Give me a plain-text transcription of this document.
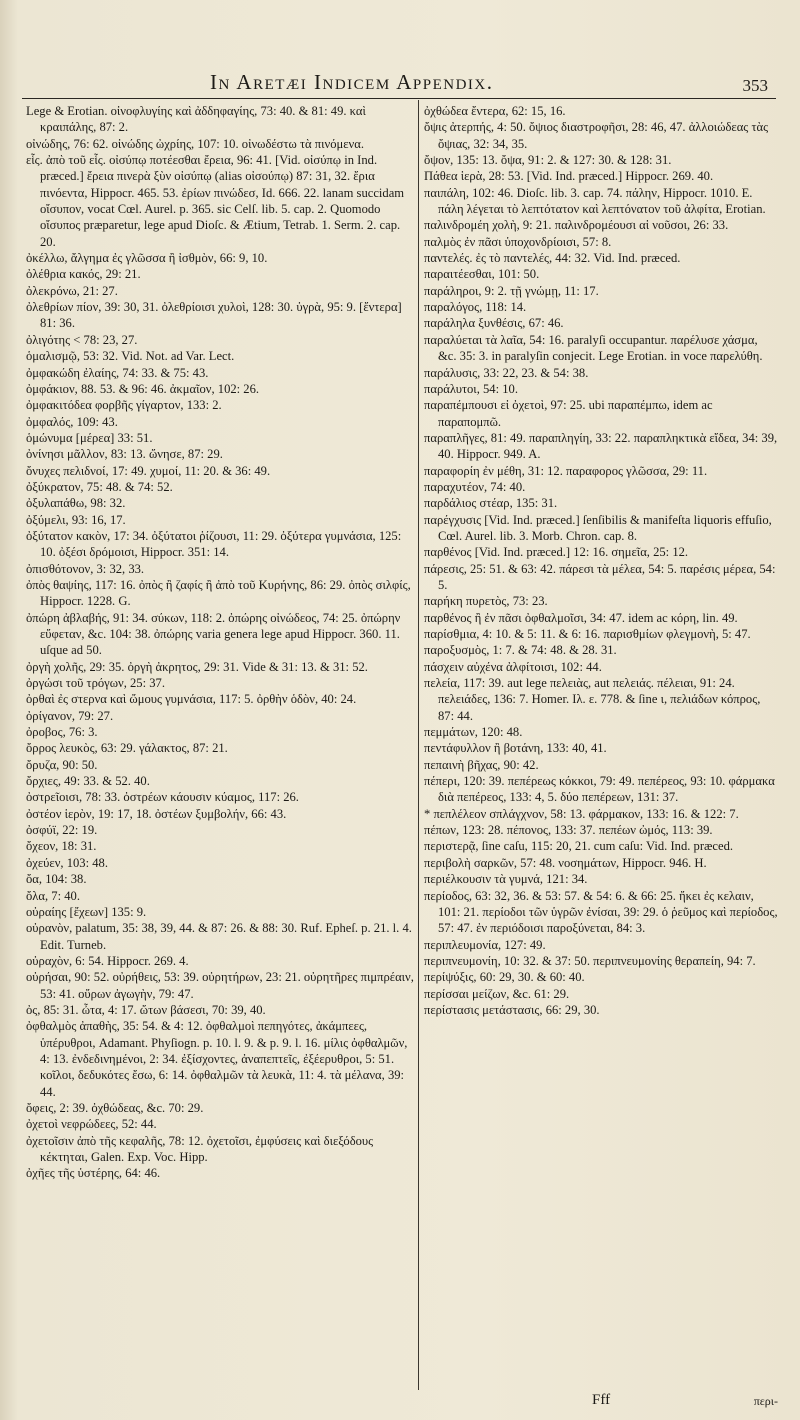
In Aretæi Indicem Appendix.	353

Lege & Erotian. οἰνοφλυγίης καὶ ἀδδηφαγίης, 73: 40. & 81: 49. καὶ κραιπάλης, 87: 2.

οἰνώδης, 76: 62. οἰνώδης ὠχρίης, 107: 10. οἰνωδέστω τὰ πινόμενα.

εἷς. ἀπὸ τοῦ εἷς. οἰσύπῳ ποτέεσθαι ἔρεια, 96: 41. [Vid. οἰσύπῳ in Ind. præced.] ἔρεια πινερὰ ξὺν οἰσύπῳ (alias οἰσούπῳ) 87: 31, 32. ἔρια πινόεντα, Hippocr. 465. 53. ἐρίων πινώδεσ, Id. 666. 22. lanam succidam οἴσυπον, vocat Cœl. Aurel. p. 365. sic Celſ. lib. 5. cap. 2. Quomodo οἴσυπος præparetur, lege apud Dioſc. & Ætium, Tetrab. 1. Serm. 2. cap. 20.

ὀκέλλω, ἄλγημα ἐς γλῶσσα ἢ ἰσθμὸν, 66: 9, 10.

ὀλέθρια κακός, 29: 21.

ὀλεκρόνω, 21: 27.

ὀλεθρίων πίον, 39: 30, 31. ὀλεθρίοισι χυλοὶ, 128: 30. ὑγρὰ, 95: 9. [ἔντερα] 81: 36.

ὀλιγότης < 78: 23, 27.

ὁμαλισμῷ, 53: 32. Vid. Not. ad Var. Lect.

ὀμφακώδη ἐλαίης, 74: 33. & 75: 43.

ὀμφάκιον, 88. 53. & 96: 46. ἀκμαῖον, 102: 26.

ὀμφακιτόδεα φορβῆς γίγαρτον, 133: 2.

ὀμφαλός, 109: 43.

ὁμώνυμα [μέρεα] 33: 51.

ὀνίνησι μᾶλλον, 83: 13. ὤνησε, 87: 29.

ὄνυχες πελιδνοί, 17: 49. χυμοί, 11: 20. & 36: 49.

ὀξύκρατον, 75: 48. & 74: 52.

ὀξυλαπάθω, 98: 32.

ὀξύμελι, 93: 16, 17.

ὀξύτατον κακὸν, 17: 34. ὀξύτατοι ῥίζουσι, 11: 29. ὀξύτερα γυμνάσια, 125: 10. ὀξέσι δρόμοισι, Hippocr. 351: 14.

ὀπισθότονον, 3: 32, 33.

ὀπὸς θαψίης, 117: 16. ὀπὸς ἢ ζαφίς ἢ ἀπὸ τοῦ Κυρήνης, 86: 29. ὀπὸς σιλφίς, Hippocr. 1228. G.

ὀπώρη ἀβλαβής, 91: 34. σύκων, 118: 2. ὀπώρης οἰνώδεος, 74: 25. ὀπώρην εὔφεταν, &c. 104: 38. ὀπώρης varia genera lege apud Hippocr. 360. 11. uſque ad 50.

ὀργὴ χολῆς, 29: 35. ὀργὴ ἀκρητος, 29: 31. Vide & 31: 13. & 31: 52.

ὀργώσι τοῦ τρόγων, 25: 37.

ὀρθαὶ ἐς στερνα καὶ ὤμους γυμνάσια, 117: 5. ὀρθὴν ὁδὸν, 40: 24.

ὀρίγανον, 79: 27.

ὀροβος, 76: 3.

ὄρρος λευκὸς, 63: 29. γάλακτος, 87: 21.

ὄρυζα, 90: 50.

ὄρχιες, 49: 33. & 52. 40.

ὀστρεῖοισι, 78: 33. ὀστρέων κάουσιν κύαμος, 117: 26.

ὀστέον ἱερὸν, 19: 17, 18. ὀστέων ξυμβολήν, 66: 43.

ὀσφύϊ, 22: 19.

ὄχεον, 18: 31.

ὀχεύεν, 103: 48.

ὄα, 104: 38.

ὄλα, 7: 40.

οὐραίης [ἔχεων] 135: 9.

οὐρανὸν, palatum, 35: 38, 39, 44. & 87: 26. & 88: 30. Ruf. Epheſ. p. 21. l. 4. Edit. Turneb.

οὐραχὸν, 6: 54. Hippocr. 269. 4.

οὐρήσαι, 90: 52. οὐρήθεις, 53: 39. οὐρητήρων, 23: 21. οὐρητῆρες πιμπρέαιν, 53: 41. οὔρων ἀγωγὴν, 79: 47.

ὀς, 85: 31. ὦτα, 4: 17. ὤτων βάσεσι, 70: 39, 40.

ὀφθαλμὸς ἀπαθὴς, 35: 54. & 4: 12. ὀφθαλμοὶ πεπηγότες, ἀκάμπεες, ὑπέρυθροι, Adamant. Phyſiogn. p. 10. l. 9. & p. 9. l. 16. μίλις ὀφθαλμῶν, 4: 13. ἐνδεδινημένοι, 2: 34. ἐξίσχοντες, ἀναπεπτεῖς, ἐξέερυθροι, 5: 51. κοῖλοι, δεδυκότες ἔσω, 6: 14. ὀφθαλμῶν τὰ λευκὰ, 11: 4. τὰ μέλανα, 39: 44.

ὄφεις, 2: 39. ὀχθώδεας, &c. 70: 29.

ὀχετοὶ νεφρώδεες, 52: 44.

ὀχετοῖσιν ἀπὸ τῆς κεφαλῆς, 78: 12. ὀχετοῖσι, ἐμφύσεις καὶ διεξόδους κέκτηται, Galen. Exp. Voc. Hipp.

ὀχῆες τῆς ὑστέρης, 64: 46.

ὀχθώδεα ἔντερα, 62: 15, 16.

ὄψις ἀτερπής, 4: 50. ὄψιος διαστροφῆσι, 28: 46, 47. ἀλλοιώδεας τὰς ὄψιας, 32: 34, 35.

ὄψον, 135: 13. ὄψα, 91: 2. & 127: 30. & 128: 31.

Πάθεα ἱερὰ, 28: 53. [Vid. Ind. præced.] Hippocr. 269. 40.

παιπάλη, 102: 46. Dioſc. lib. 3. cap. 74. πάλην, Hippocr. 1010. E. πάλη λέγεται τὸ λεπτότατον καὶ λεπτόνατον τοῦ ἀλφίτα, Erotian.

παλινδρομέη χολὴ, 9: 21. παλινδρομέουσι αἱ νοῦσοι, 26: 33.

παλμὸς ἐν πᾶσι ὑποχονδρίοισι, 57: 8.

παντελές. ἐς τὸ παντελές, 44: 32. Vid. Ind. præced.

παραιτέεσθαι, 101: 50.

παράληροι, 9: 2. τῇ γνώμῃ, 11: 17.

παραλόγος, 118: 14.

παράληλα ξυνθέσις, 67: 46.

παραλύεται τὰ λαῖα, 54: 16. paralyſi occupantur. παρέλυσε χάσμα, &c. 35: 3. in paralyſin conjecit. Lege Erotian. in voce παρελύθη.

παράλυσις, 33: 22, 23. & 54: 38.

παράλυτοι, 54: 10.

παραπέμπουσι εἰ ὀχετοὶ, 97: 25. ubi παραπέμπω, idem ac παραπομπῶ.

παραπλῆγες, 81: 49. παραπληγίη, 33: 22. παραπληκτικὰ εἴδεα, 34: 39, 40. Hippocr. 949. A.

παραφορίη ἐν μέθη, 31: 12. παραφορος γλῶσσα, 29: 11.

παραχυτέον, 74: 40.

παρδάλιος στέαρ, 135: 31.

παρέγχυσις [Vid. Ind. præced.] ſenſibilis & manifeſta liquoris effuſio, Cœl. Aurel. lib. 3. Morb. Chron. cap. 8.

παρθένος [Vid. Ind. præced.] 12: 16. σημεῖα, 25: 12.

πάρεσις, 25: 51. & 63: 42. πάρεσι τὰ μέλεα, 54: 5. παρέσις μέρεα, 54: 5.

παρήκη πυρετὸς, 73: 23.

παρθένος ἢ ἐν πᾶσι ὀφθαλμοῖσι, 34: 47. idem ac κόρη, lin. 49.

παρίσθμια, 4: 10. & 5: 11. & 6: 16. παρισθμίων φλεγμονὴ, 5: 47.

παροξυσμὸς, 1: 7. & 74: 48. & 28. 31.

πάσχειν αὐχένα ἀλφίτοισι, 102: 44.

πελεία, 117: 39. aut lege πελειὰς, aut πελειάς. πέλειαι, 91: 24. πελειάδες, 136: 7. Homer. Ιλ. ε. 778. & ſine ι, πελιάδων κόπρος, 87: 44.

πεμμάτων, 120: 48.

πεντάφυλλον ἢ βοτάνη, 133: 40, 41.

πεπαινὴ βῆχας, 90: 42.

πέπερι, 120: 39. πεπέρεως κόκκοι, 79: 49. πεπέρεος, 93: 10. φάρμακα διὰ πεπέρεος, 133: 4, 5. δύο πεπέρεων, 131: 37.

* πεπλέλεον σπλάγχνον, 58: 13. φάρμακον, 133: 16. & 122: 7.

πέπων, 123: 28. πέπονος, 133: 37. πεπέων ὠμός, 113: 39.

περιστερᾷ, ſine caſu, 115: 20, 21. cum caſu: Vid. Ind. præced.

περιβολὴ σαρκῶν, 57: 48. νοσημάτων, Hippocr. 946. H.

περιέλκουσιν τὰ γυμνά, 121: 34.

περίοδος, 63: 32, 36. & 53: 57. & 54: 6. & 66: 25. ἤκει ἐς κελαιν, 101: 21. περίοδοι τῶν ὑγρῶν ἐνίσαι, 39: 29. ὁ ῥεῦμος καὶ περίοδος, 57: 47. ἐν περιόδοισι παροξύνεται, 84: 3.

περιπλευμονία, 127: 49.

περιπνευμονίη, 10: 32. & 37: 50. περιπνευμονίης θεραπείη, 94: 7.

περίψύξις, 60: 29, 30. & 60: 40.

περίσσαι μείζων, &c. 61: 29.

περίστασις μετάστασις, 66: 29, 30.

Fff	περι-
